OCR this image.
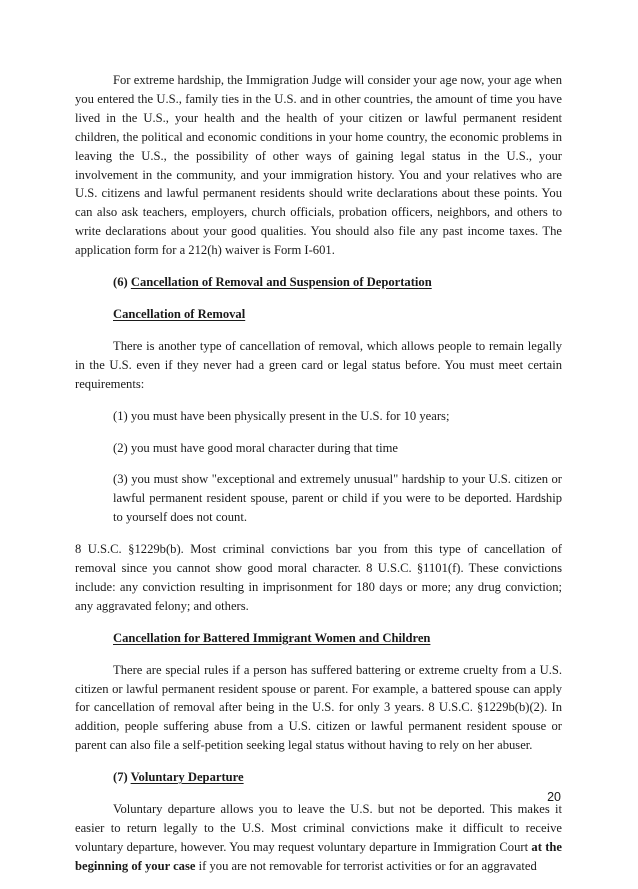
For extreme hardship, the Immigration Judge will consider your age now, your age when you entered the U.S., family ties in the U.S. and in other countries, the amount of time you have lived in the U.S., your health and the health of your citizen or lawful permanent resident children, the political and economic conditions in your home country, the economic problems in leaving the U.S., the possibility of other ways of gaining legal status in the U.S., your involvement in the community, and your immigration history. You and your relatives who are U.S. citizens and lawful permanent residents should write declarations about these points. You can also ask teachers, employers, church officials, probation officers, neighbors, and others to write declarations about your good qualities. You should also file any past income taxes. The application form for a 212(h) waiver is Form I-601.

(6) Cancellation of Removal and Suspension of Deportation

Cancellation of Removal

There is another type of cancellation of removal, which allows people to remain legally in the U.S. even if they never had a green card or legal status before. You must meet certain requirements:

(1) you must have been physically present in the U.S. for 10 years;

(2) you must have good moral character during that time

(3) you must show "exceptional and extremely unusual" hardship to your U.S. citizen or lawful permanent resident spouse, parent or child if you were to be deported. Hardship to yourself does not count.

8 U.S.C. §1229b(b). Most criminal convictions bar you from this type of cancellation of removal since you cannot show good moral character. 8 U.S.C. §1101(f). These convictions include: any conviction resulting in imprisonment for 180 days or more; any drug conviction; any aggravated felony; and others.

Cancellation for Battered Immigrant Women and Children

There are special rules if a person has suffered battering or extreme cruelty from a U.S. citizen or lawful permanent resident spouse or parent. For example, a battered spouse can apply for cancellation of removal after being in the U.S. for only 3 years. 8 U.S.C. §1229b(b)(2). In addition, people suffering abuse from a U.S. citizen or lawful permanent resident spouse or parent can also file a self-petition seeking legal status without having to rely on her abuser.

(7) Voluntary Departure

Voluntary departure allows you to leave the U.S. but not be deported. This makes it easier to return legally to the U.S. Most criminal convictions make it difficult to receive voluntary departure, however. You may request voluntary departure in Immigration Court at the beginning of your case if you are not removable for terrorist activities or for an aggravated

20
